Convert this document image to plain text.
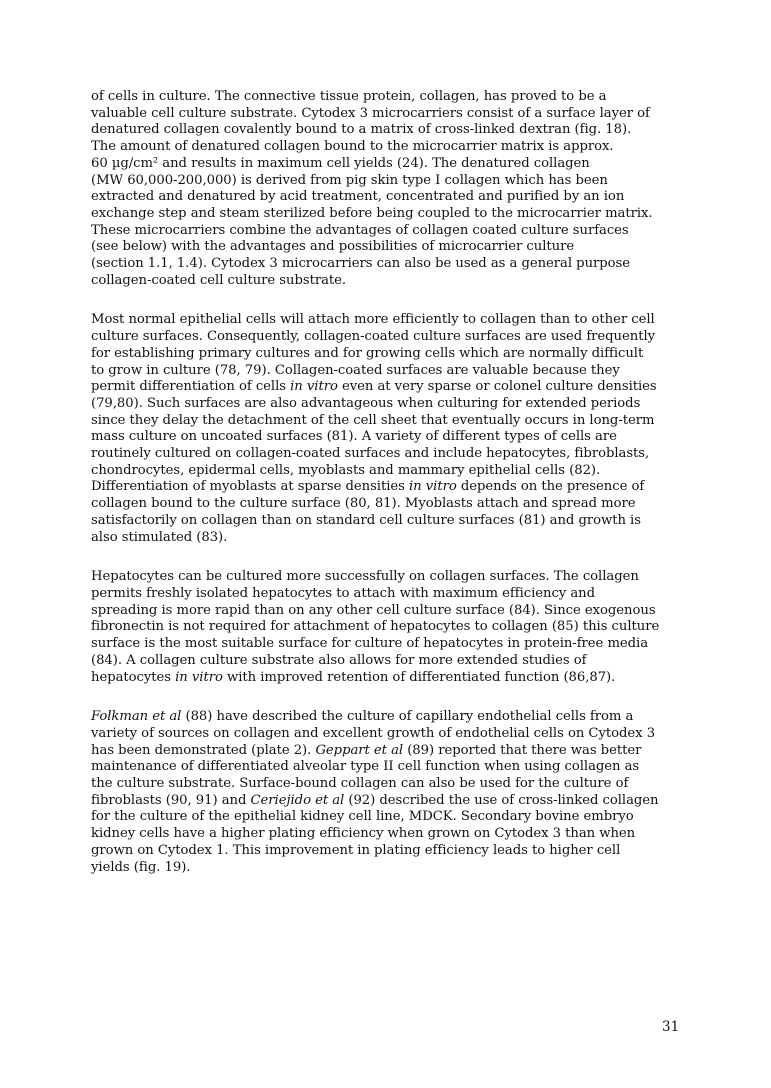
of cells in culture. The connective tissue protein, collagen, has proved to be a
valuable cell culture substrate. Cytodex 3 microcarriers consist of a surface layer of
denatured collagen covalently bound to a matrix of cross-linked dextran (fig. 18).
The amount of denatured collagen bound to the microcarrier matrix is approx.
60 µg/cm² and results in maximum cell yields (24). The denatured collagen
(MW 60,000-200,000) is derived from pig skin type I collagen which has been
extracted and denatured by acid treatment, concentrated and purified by an ion
exchange step and steam sterilized before being coupled to the microcarrier matrix.
These microcarriers combine the advantages of collagen coated culture surfaces
(see below) with the advantages and possibilities of microcarrier culture
(section 1.1, 1.4). Cytodex 3 microcarriers can also be used as a general purpose
collagen-coated cell culture substrate.

Most normal epithelial cells will attach more efficiently to collagen than to other cell
culture surfaces. Consequently, collagen-coated culture surfaces are used frequently
for establishing primary cultures and for growing cells which are normally difficult
to grow in culture (78, 79). Collagen-coated surfaces are valuable because they
permit differentiation of cells in vitro even at very sparse or colonel culture densities
(79,80). Such surfaces are also advantageous when culturing for extended periods
since they delay the detachment of the cell sheet that eventually occurs in long-term
mass culture on uncoated surfaces (81). A variety of different types of cells are
routinely cultured on collagen-coated surfaces and include hepatocytes, fibroblasts,
chondrocytes, epidermal cells, myoblasts and mammary epithelial cells (82).
Differentiation of myoblasts at sparse densities in vitro depends on the presence of
collagen bound to the culture surface (80, 81). Myoblasts attach and spread more
satisfactorily on collagen than on standard cell culture surfaces (81) and growth is
also stimulated (83).

Hepatocytes can be cultured more successfully on collagen surfaces. The collagen
permits freshly isolated hepatocytes to attach with maximum efficiency and
spreading is more rapid than on any other cell culture surface (84). Since exogenous
fibronectin is not required for attachment of hepatocytes to collagen (85) this culture
surface is the most suitable surface for culture of hepatocytes in protein-free media
(84). A collagen culture substrate also allows for more extended studies of
hepatocytes in vitro with improved retention of differentiated function (86,87).

Folkman et al (88) have described the culture of capillary endothelial cells from a
variety of sources on collagen and excellent growth of endothelial cells on Cytodex 3
has been demonstrated (plate 2). Geppart et al (89) reported that there was better
maintenance of differentiated alveolar type II cell function when using collagen as
the culture substrate. Surface-bound collagen can also be used for the culture of
fibroblasts (90, 91) and Ceriejido et al (92) described the use of cross-linked collagen
for the culture of the epithelial kidney cell line, MDCK. Secondary bovine embryo
kidney cells have a higher plating efficiency when grown on Cytodex 3 than when
grown on Cytodex 1. This improvement in plating efficiency leads to higher cell
yields (fig. 19).

31
